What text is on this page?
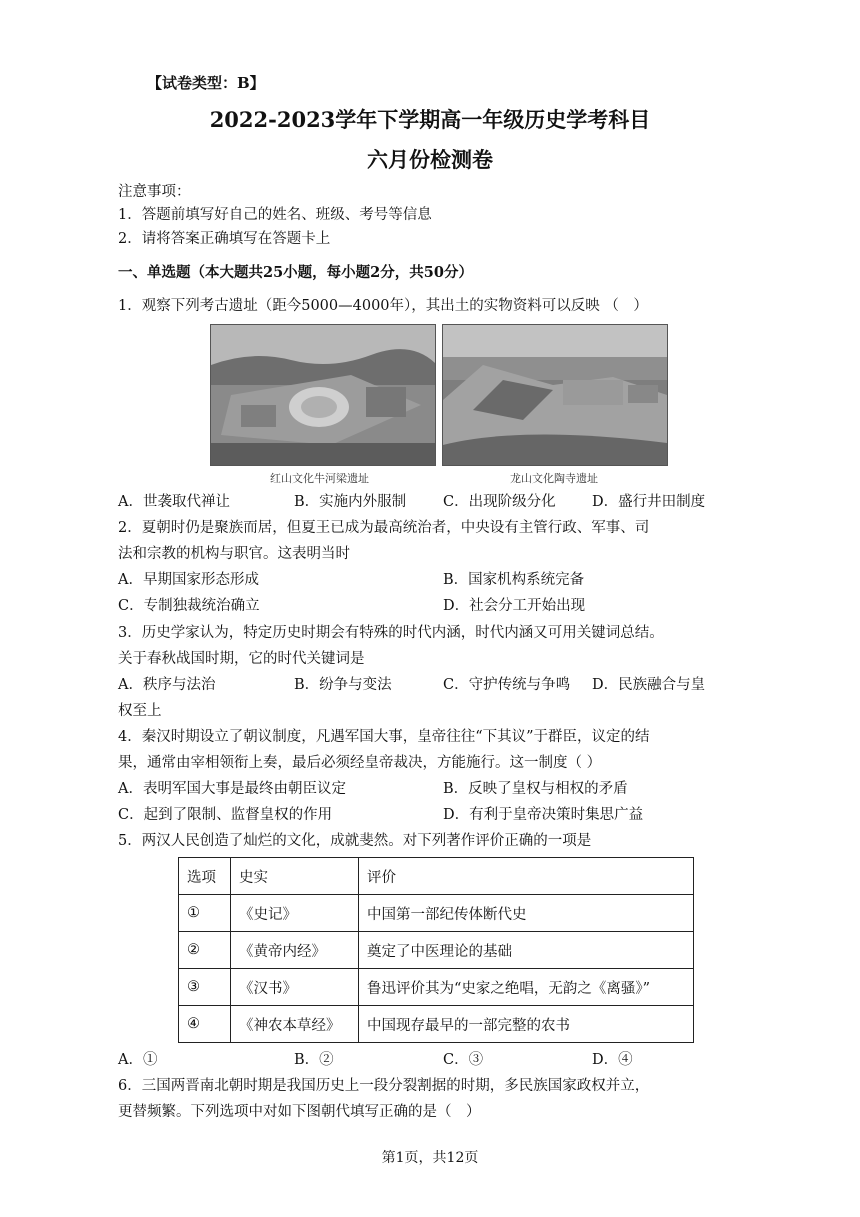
【试卷类型：B】
2022-2023学年下学期高一年级历史学考科目
六月份检测卷
注意事项：
1．答题前填写好自己的姓名、班级、考号等信息
2．请将答案正确填写在答题卡上
一、单选题（本大题共25小题，每小题2分，共50分）
1．观察下列考古遗址（距今5000—4000年），其出土的实物资料可以反映 （　）
红山文化牛河梁遗址	龙山文化陶寺遗址
A．世袭取代禅让	B．实施内外服制	C．出现阶级分化	D．盛行井田制度
2．夏朝时仍是聚族而居，但夏王已成为最高统治者，中央设有主管行政、军事、司
法和宗教的机构与职官。这表明当时
A．早期国家形态形成	B．国家机构系统完备
C．专制独裁统治确立	D．社会分工开始出现
3．历史学家认为，特定历史时期会有特殊的时代内涵，时代内涵又可用关键词总结。
关于春秋战国时期，它的时代关键词是
A．秩序与法治	B．纷争与变法	C．守护传统与争鸣 D．民族融合与皇
权至上
4．秦汉时期设立了朝议制度，凡遇军国大事，皇帝往往“下其议”于群臣，议定的结
果，通常由宰相领衔上奏，最后必须经皇帝裁决，方能施行。这一制度（ ）
A．表明军国大事是最终由朝臣议定	B．反映了皇权与相权的矛盾
C．起到了限制、监督皇权的作用	D．有利于皇帝决策时集思广益
5．两汉人民创造了灿烂的文化，成就斐然。对下列著作评价正确的一项是
选项	史实	评价
①	《史记》	中国第一部纪传体断代史
②	《黄帝内经》	奠定了中医理论的基础
③	《汉书》	鲁迅评价其为“史家之绝唱，无韵之《离骚》”
④	《神农本草经》	中国现存最早的一部完整的农书
A．①	B．②	C．③	D．④
6．三国两晋南北朝时期是我国历史上一段分裂割据的时期，多民族国家政权并立，
更替频繁。下列选项中对如下图朝代填写正确的是（　）
第1页，共12页
